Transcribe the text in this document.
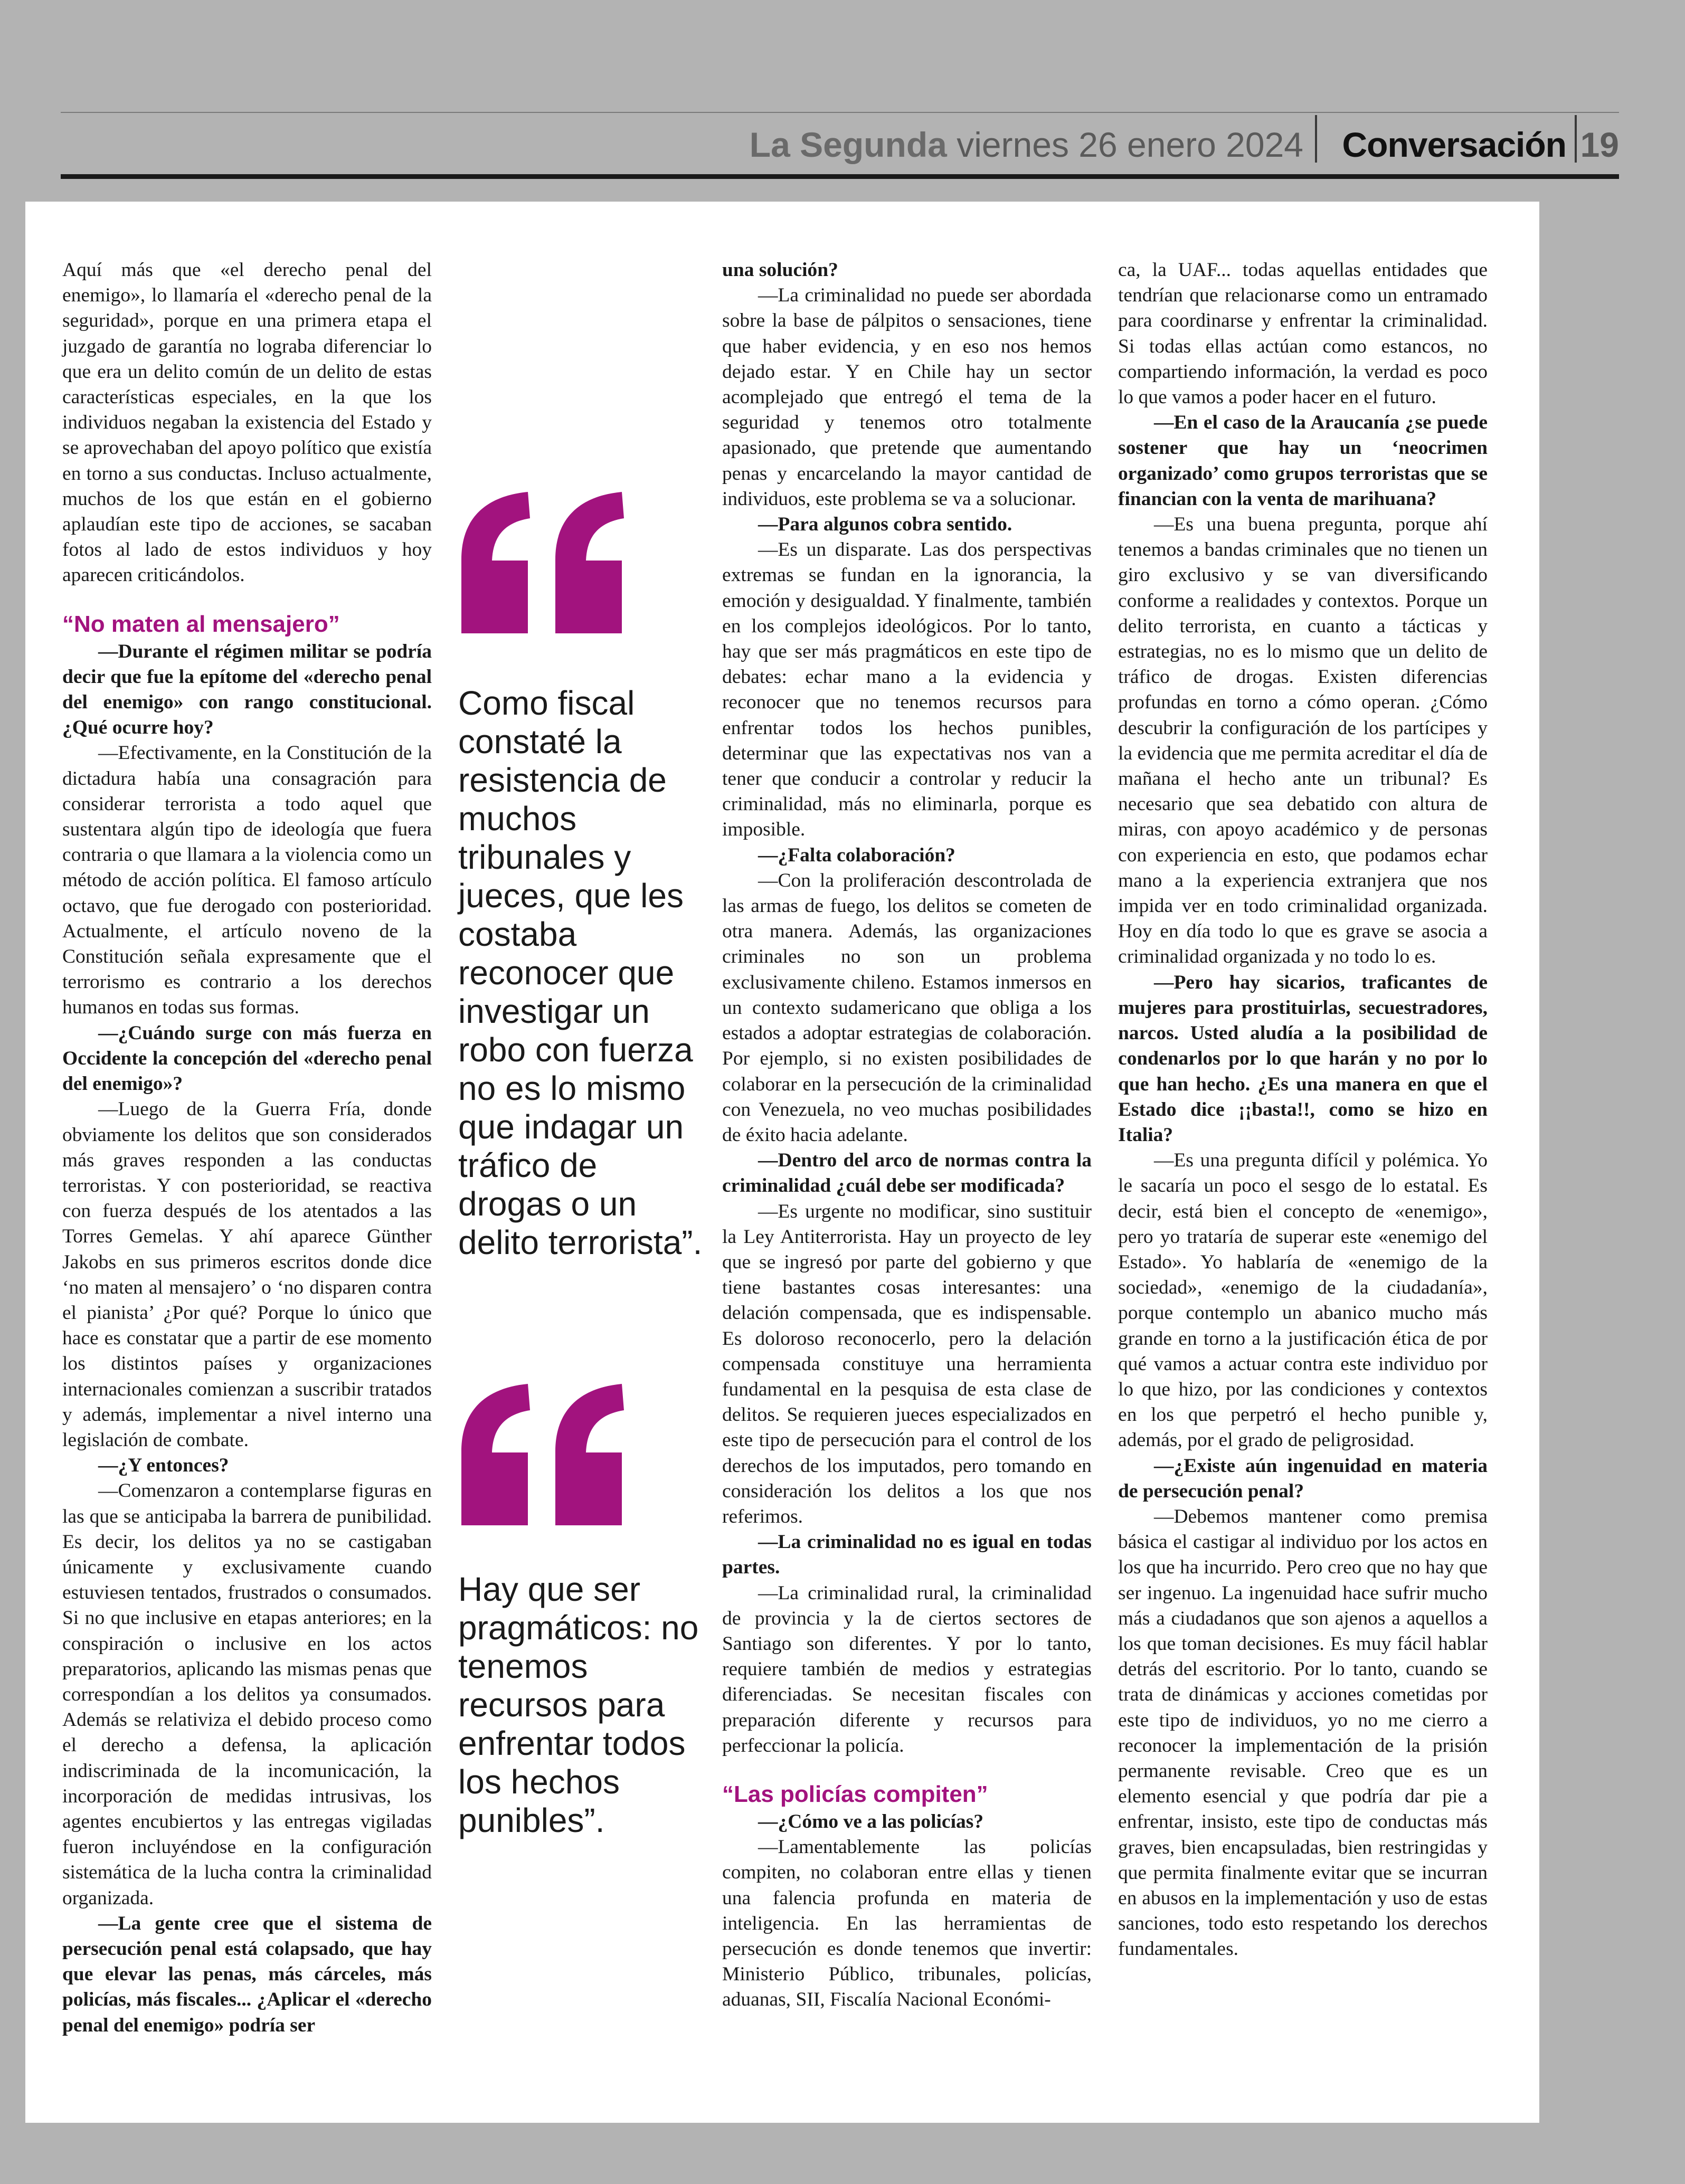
La Segunda viernes 26 enero 2024 Conversación 19

Aquí más que «el derecho penal del enemigo», lo llamaría el «derecho penal de la seguridad», porque en una primera etapa el juzgado de garantía no lograba diferenciar lo que era un delito común de un delito de estas características especiales, en la que los individuos negaban la existencia del Estado y se aprovechaban del apoyo político que existía en torno a sus conductas. Incluso actualmente, muchos de los que están en el gobierno aplaudían este tipo de acciones, se sacaban fotos al lado de estos individuos y hoy aparecen criticándolos.

“No maten al mensajero”

—Durante el régimen militar se podría decir que fue la epítome del «derecho penal del enemigo» con rango constitucional. ¿Qué ocurre hoy?

—Efectivamente, en la Constitución de la dictadura había una consagración para considerar terrorista a todo aquel que sustentara algún tipo de ideología que fuera contraria o que llamara a la violencia como un método de acción política. El famoso artículo octavo, que fue derogado con posterioridad. Actualmente, el artículo noveno de la Constitución señala expresamente que el terrorismo es contrario a los derechos humanos en todas sus formas.

—¿Cuándo surge con más fuerza en Occidente la concepción del «derecho penal del enemigo»?

—Luego de la Guerra Fría, donde obviamente los delitos que son considerados más graves responden a las conductas terroristas. Y con posterioridad, se reactiva con fuerza después de los atentados a las Torres Gemelas. Y ahí aparece Günther Jakobs en sus primeros escritos donde dice ‘no maten al mensajero’ o ‘no disparen contra el pianista’ ¿Por qué? Porque lo único que hace es constatar que a partir de ese momento los distintos países y organizaciones internacionales comienzan a suscribir tratados y además, implementar a nivel interno una legislación de combate.

—¿Y entonces?

—Comenzaron a contemplarse figuras en las que se anticipaba la barrera de punibilidad. Es decir, los delitos ya no se castigaban únicamente y exclusivamente cuando estuviesen tentados, frustrados o consumados. Si no que inclusive en etapas anteriores; en la conspiración o inclusive en los actos preparatorios, aplicando las mismas penas que correspondían a los delitos ya consumados. Además se relativiza el debido proceso como el derecho a defensa, la aplicación indiscriminada de la incomunicación, la incorporación de medidas intrusivas, los agentes encubiertos y las entregas vigiladas fueron incluyéndose en la configuración sistemática de la lucha contra la criminalidad organizada.

—La gente cree que el sistema de persecución penal está colapsado, que hay que elevar las penas, más cárceles, más policías, más fiscales... ¿Aplicar el «derecho penal del enemigo» podría ser

una solución?

—La criminalidad no puede ser abordada sobre la base de pálpitos o sensaciones, tiene que haber evidencia, y en eso nos hemos dejado estar. Y en Chile hay un sector acomplejado que entregó el tema de la seguridad y tenemos otro totalmente apasionado, que pretende que aumentando penas y encarcelando la mayor cantidad de individuos, este problema se va a solucionar.

—Para algunos cobra sentido.

—Es un disparate. Las dos perspectivas extremas se fundan en la ignorancia, la emoción y desigualdad. Y finalmente, también en los complejos ideológicos. Por lo tanto, hay que ser más pragmáticos en este tipo de debates: echar mano a la evidencia y reconocer que no tenemos recursos para enfrentar todos los hechos punibles, determinar que las expectativas nos van a tener que conducir a controlar y reducir la criminalidad, más no eliminarla, porque es imposible.

—¿Falta colaboración?

—Con la proliferación descontrolada de las armas de fuego, los delitos se cometen de otra manera. Además, las organizaciones criminales no son un problema exclusivamente chileno. Estamos inmersos en un contexto sudamericano que obliga a los estados a adoptar estrategias de colaboración. Por ejemplo, si no existen posibilidades de colaborar en la persecución de la criminalidad con Venezuela, no veo muchas posibilidades de éxito hacia adelante.

—Dentro del arco de normas contra la criminalidad ¿cuál debe ser modificada?

—Es urgente no modificar, sino sustituir la Ley Antiterrorista. Hay un proyecto de ley que se ingresó por parte del gobierno y que tiene bastantes cosas interesantes: una delación compensada, que es indispensable. Es doloroso reconocerlo, pero la delación compensada constituye una herramienta fundamental en la pesquisa de esta clase de delitos. Se requieren jueces especializados en este tipo de persecución para el control de los derechos de los imputados, pero tomando en consideración los delitos a los que nos referimos.

—La criminalidad no es igual en todas partes.

—La criminalidad rural, la criminalidad de provincia y la de ciertos sectores de Santiago son diferentes. Y por lo tanto, requiere también de medios y estrategias diferenciadas. Se necesitan fiscales con preparación diferente y recursos para perfeccionar la policía.

“Las policías compiten”

—¿Cómo ve a las policías?

—Lamentablemente las policías compiten, no colaboran entre ellas y tienen una falencia profunda en materia de inteligencia. En las herramientas de persecución es donde tenemos que invertir: Ministerio Público, tribunales, policías, aduanas, SII, Fiscalía Nacional Económi-

ca, la UAF... todas aquellas entidades que tendrían que relacionarse como un entramado para coordinarse y enfrentar la criminalidad. Si todas ellas actúan como estancos, no compartiendo información, la verdad es poco lo que vamos a poder hacer en el futuro.

—En el caso de la Araucanía ¿se puede sostener que hay un ‘neocrimen organizado’ como grupos terroristas que se financian con la venta de marihuana?

—Es una buena pregunta, porque ahí tenemos a bandas criminales que no tienen un giro exclusivo y se van diversificando conforme a realidades y contextos. Porque un delito terrorista, en cuanto a tácticas y estrategias, no es lo mismo que un delito de tráfico de drogas. Existen diferencias profundas en torno a cómo operan. ¿Cómo descubrir la configuración de los partícipes y la evidencia que me permita acreditar el día de mañana el hecho ante un tribunal? Es necesario que sea debatido con altura de miras, con apoyo académico y de personas con experiencia en esto, que podamos echar mano a la experiencia extranjera que nos impida ver en todo criminalidad organizada. Hoy en día todo lo que es grave se asocia a criminalidad organizada y no todo lo es.

—Pero hay sicarios, traficantes de mujeres para prostituirlas, secuestradores, narcos. Usted aludía a la posibilidad de condenarlos por lo que harán y no por lo que han hecho. ¿Es una manera en que el Estado dice ¡¡basta!!, como se hizo en Italia?

—Es una pregunta difícil y polémica. Yo le sacaría un poco el sesgo de lo estatal. Es decir, está bien el concepto de «enemigo», pero yo trataría de superar este «enemigo del Estado». Yo hablaría de «enemigo de la sociedad», «enemigo de la ciudadanía», porque contemplo un abanico mucho más grande en torno a la justificación ética de por qué vamos a actuar contra este individuo por lo que hizo, por las condiciones y contextos en los que perpetró el hecho punible y, además, por el grado de peligrosidad.

—¿Existe aún ingenuidad en materia de persecución penal?

—Debemos mantener como premisa básica el castigar al individuo por los actos en los que ha incurrido. Pero creo que no hay que ser ingenuo. La ingenuidad hace sufrir mucho más a ciudadanos que son ajenos a aquellos a los que toman decisiones. Es muy fácil hablar detrás del escritorio. Por lo tanto, cuando se trata de dinámicas y acciones cometidas por este tipo de individuos, yo no me cierro a reconocer la implementación de la prisión permanente revisable. Creo que es un elemento esencial y que podría dar pie a enfrentar, insisto, este tipo de conductas más graves, bien encapsuladas, bien restringidas y que permita finalmente evitar que se incurran en abusos en la implementación y uso de estas sanciones, todo esto respetando los derechos fundamentales.

Como fiscal constaté la resistencia de muchos tribunales y jueces, que les costaba reconocer que investigar un robo con fuerza no es lo mismo que indagar un tráfico de drogas o un delito terrorista”.

Hay que ser pragmáticos: no tenemos recursos para enfrentar todos los hechos punibles”.
